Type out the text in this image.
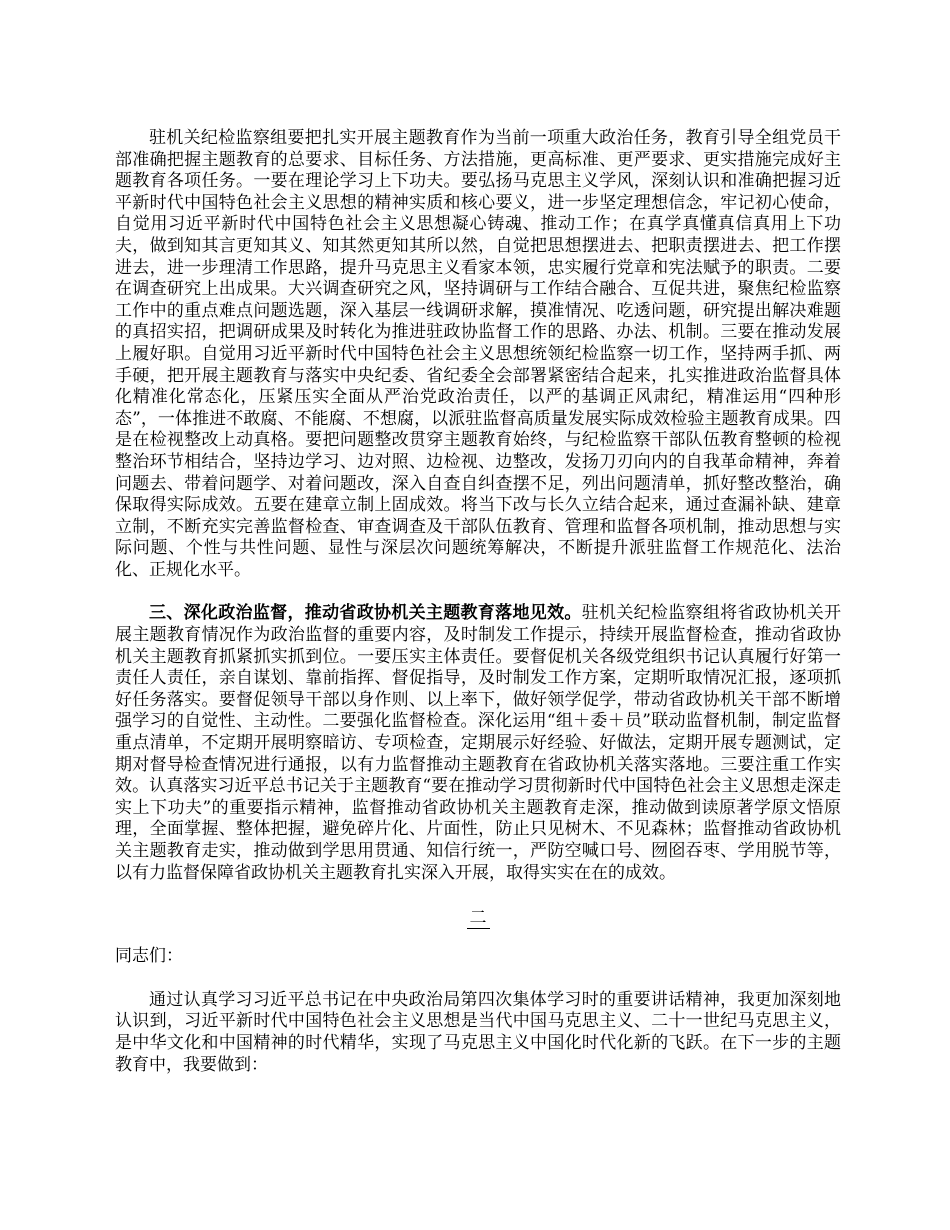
驻机关纪检监察组要把扎实开展主题教育作为当前一项重大政治任务，教育引导全组党员干部准确把握主题教育的总要求、目标任务、方法措施，更高标准、更严要求、更实措施完成好主题教育各项任务。一要在理论学习上下功夫。要弘扬马克思主义学风，深刻认识和准确把握习近平新时代中国特色社会主义思想的精神实质和核心要义，进一步坚定理想信念，牢记初心使命，自觉用习近平新时代中国特色社会主义思想凝心铸魂、推动工作；在真学真懂真信真用上下功夫，做到知其言更知其义、知其然更知其所以然，自觉把思想摆进去、把职责摆进去、把工作摆进去，进一步理清工作思路，提升马克思主义看家本领，忠实履行党章和宪法赋予的职责。二要在调查研究上出成果。大兴调查研究之风，坚持调研与工作结合融合、互促共进，聚焦纪检监察工作中的重点难点问题选题，深入基层一线调研求解，摸准情况、吃透问题，研究提出解决难题的真招实招，把调研成果及时转化为推进驻政协监督工作的思路、办法、机制。三要在推动发展上履好职。自觉用习近平新时代中国特色社会主义思想统领纪检监察一切工作，坚持两手抓、两手硬，把开展主题教育与落实中央纪委、省纪委全会部署紧密结合起来，扎实推进政治监督具体化精准化常态化，压紧压实全面从严治党政治责任，以严的基调正风肃纪，精准运用“四种形态”，一体推进不敢腐、不能腐、不想腐，以派驻监督高质量发展实际成效检验主题教育成果。四是在检视整改上动真格。要把问题整改贯穿主题教育始终，与纪检监察干部队伍教育整顿的检视整治环节相结合，坚持边学习、边对照、边检视、边整改，发扬刀刃向内的自我革命精神，奔着问题去、带着问题学、对着问题改，深入自查自纠查摆不足，列出问题清单，抓好整改整治，确保取得实际成效。五要在建章立制上固成效。将当下改与长久立结合起来，通过查漏补缺、建章立制，不断充实完善监督检查、审查调查及干部队伍教育、管理和监督各项机制，推动思想与实际问题、个性与共性问题、显性与深层次问题统筹解决，不断提升派驻监督工作规范化、法治化、正规化水平。

三、深化政治监督，推动省政协机关主题教育落地见效。驻机关纪检监察组将省政协机关开展主题教育情况作为政治监督的重要内容，及时制发工作提示，持续开展监督检查，推动省政协机关主题教育抓紧抓实抓到位。一要压实主体责任。要督促机关各级党组织书记认真履行好第一责任人责任，亲自谋划、靠前指挥、督促指导，及时制发工作方案，定期听取情况汇报，逐项抓好任务落实。要督促领导干部以身作则、以上率下，做好领学促学，带动省政协机关干部不断增强学习的自觉性、主动性。二要强化监督检查。深化运用“组＋委＋员”联动监督机制，制定监督重点清单，不定期开展明察暗访、专项检查，定期展示好经验、好做法，定期开展专题测试，定期对督导检查情况进行通报，以有力监督推动主题教育在省政协机关落实落地。三要注重工作实效。认真落实习近平总书记关于主题教育“要在推动学习贯彻新时代中国特色社会主义思想走深走实上下功夫”的重要指示精神，监督推动省政协机关主题教育走深，推动做到读原著学原文悟原理，全面掌握、整体把握，避免碎片化、片面性，防止只见树木、不见森林；监督推动省政协机关主题教育走实，推动做到学思用贯通、知信行统一，严防空喊口号、囫囵吞枣、学用脱节等，以有力监督保障省政协机关主题教育扎实深入开展，取得实实在在的成效。

二

同志们：

通过认真学习习近平总书记在中央政治局第四次集体学习时的重要讲话精神，我更加深刻地认识到，习近平新时代中国特色社会主义思想是当代中国马克思主义、二十一世纪马克思主义，是中华文化和中国精神的时代精华，实现了马克思主义中国化时代化新的飞跃。在下一步的主题教育中，我要做到：
